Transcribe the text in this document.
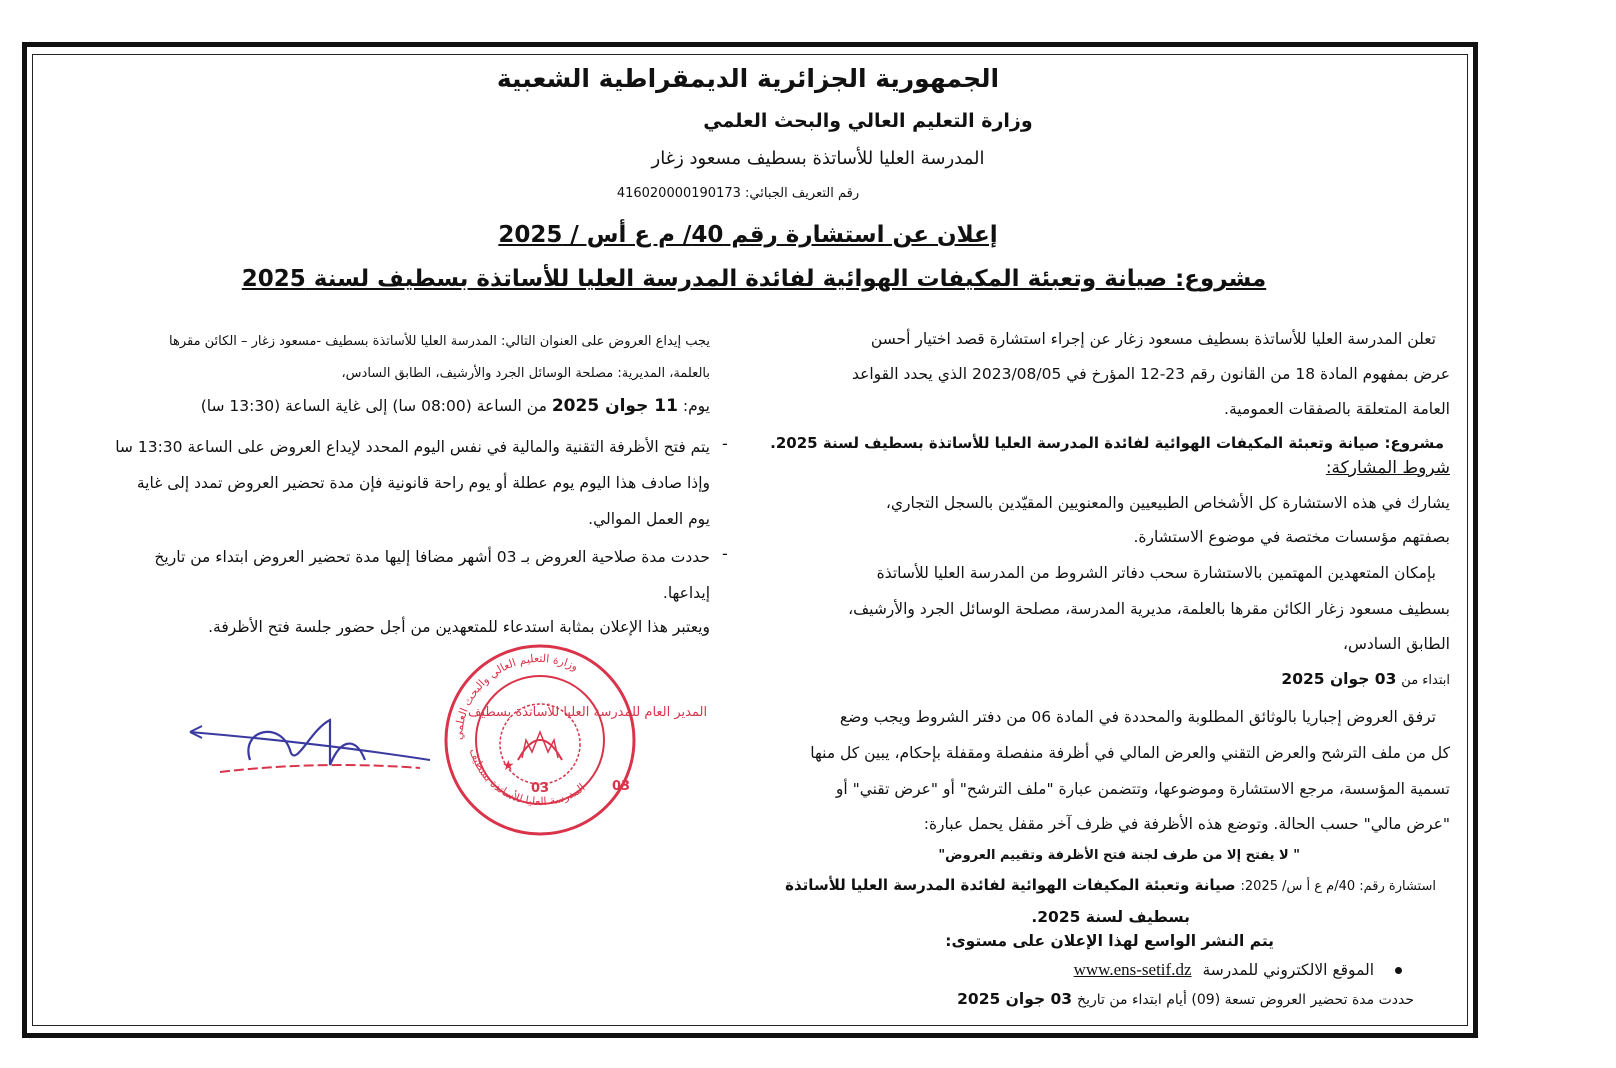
الجمهورية الجزائرية الديمقراطية الشعبية
وزارة التعليم العالي والبحث العلمي
المدرسة العليا للأساتذة بسطيف مسعود زغار
رقم التعريف الجبائي: 416020000190173
إعلان عن استشارة رقم 40/ م ع أس / 2025
مشروع: صيانة وتعبئة المكيفات الهوائية لفائدة المدرسة العليا للأساتذة بسطيف لسنة 2025
تعلن المدرسة العليا للأساتذة بسطيف مسعود زغار عن إجراء استشارة قصد اختيار أحسن
عرض بمفهوم المادة 18 من القانون رقم 23-12 المؤرخ في 2023/08/05 الذي يحدد القواعد
العامة المتعلقة بالصفقات العمومية.
مشروع: صيانة وتعبئة المكيفات الهوائية لفائدة المدرسة العليا للأساتذة بسطيف لسنة 2025.
شروط المشاركة:
يشارك في هذه الاستشارة كل الأشخاص الطبيعيين والمعنويين المقيّدين بالسجل التجاري،
بصفتهم مؤسسات مختصة في موضوع الاستشارة.
بإمكان المتعهدين المهتمين بالاستشارة سحب دفاتر الشروط من المدرسة العليا للأساتذة
بسطيف مسعود زغار الكائن مقرها بالعلمة، مديرية المدرسة، مصلحة الوسائل الجرد والأرشيف،
الطابق السادس،
ابتداء من 03 جوان 2025
ترفق العروض إجباريا بالوثائق المطلوبة والمحددة في المادة 06 من دفتر الشروط ويجب وضع
كل من ملف الترشح والعرض التقني والعرض المالي في أظرفة منفصلة ومقفلة بإحكام، يبين كل منها
تسمية المؤسسة، مرجع الاستشارة وموضوعها، وتتضمن عبارة "ملف الترشح" أو "عرض تقني" أو
"عرض مالي" حسب الحالة. وتوضع هذه الأظرفة في ظرف آخر مقفل يحمل عبارة:
" لا يفتح إلا من طرف لجنة فتح الأظرفة وتقييم العروض"
استشارة رقم: 40/م ع أ س/ 2025: صيانة وتعبئة المكيفات الهوائية لفائدة المدرسة العليا للأساتذة
بسطيف لسنة 2025.
يتم النشر الواسع لهذا الإعلان على مستوى:
الموقع الالكتروني للمدرسة www.ens-setif.dz
حددت مدة تحضير العروض تسعة (09) أيام ابتداء من تاريخ 03 جوان 2025
يجب إيداع العروض على العنوان التالي: المدرسة العليا للأساتذة بسطيف -مسعود زغار – الكائن مقرها
بالعلمة، المديرية: مصلحة الوسائل الجرد والأرشيف، الطابق السادس،
يوم: 11 جوان 2025 من الساعة (08:00 سا) إلى غاية الساعة (13:30 سا)
-
يتم فتح الأظرفة التقنية والمالية في نفس اليوم المحدد لإيداع العروض على الساعة 13:30 سا
وإذا صادف هذا اليوم يوم عطلة أو يوم راحة قانونية فإن مدة تحضير العروض تمدد إلى غاية
يوم العمل الموالي.
-
حددت مدة صلاحية العروض بـ 03 أشهر مضافا إليها مدة تحضير العروض ابتداء من تاريخ
إيداعها.
ويعتبر هذا الإعلان بمثابة استدعاء للمتعهدين من أجل حضور جلسة فتح الأظرفة.
وزارة التعليم العالي والبحث العلمي
المدرسة العليا للأساتذة بسطيف
★
03	03
المدير العام للمدرسة العليا للأساتذة بسطيف
